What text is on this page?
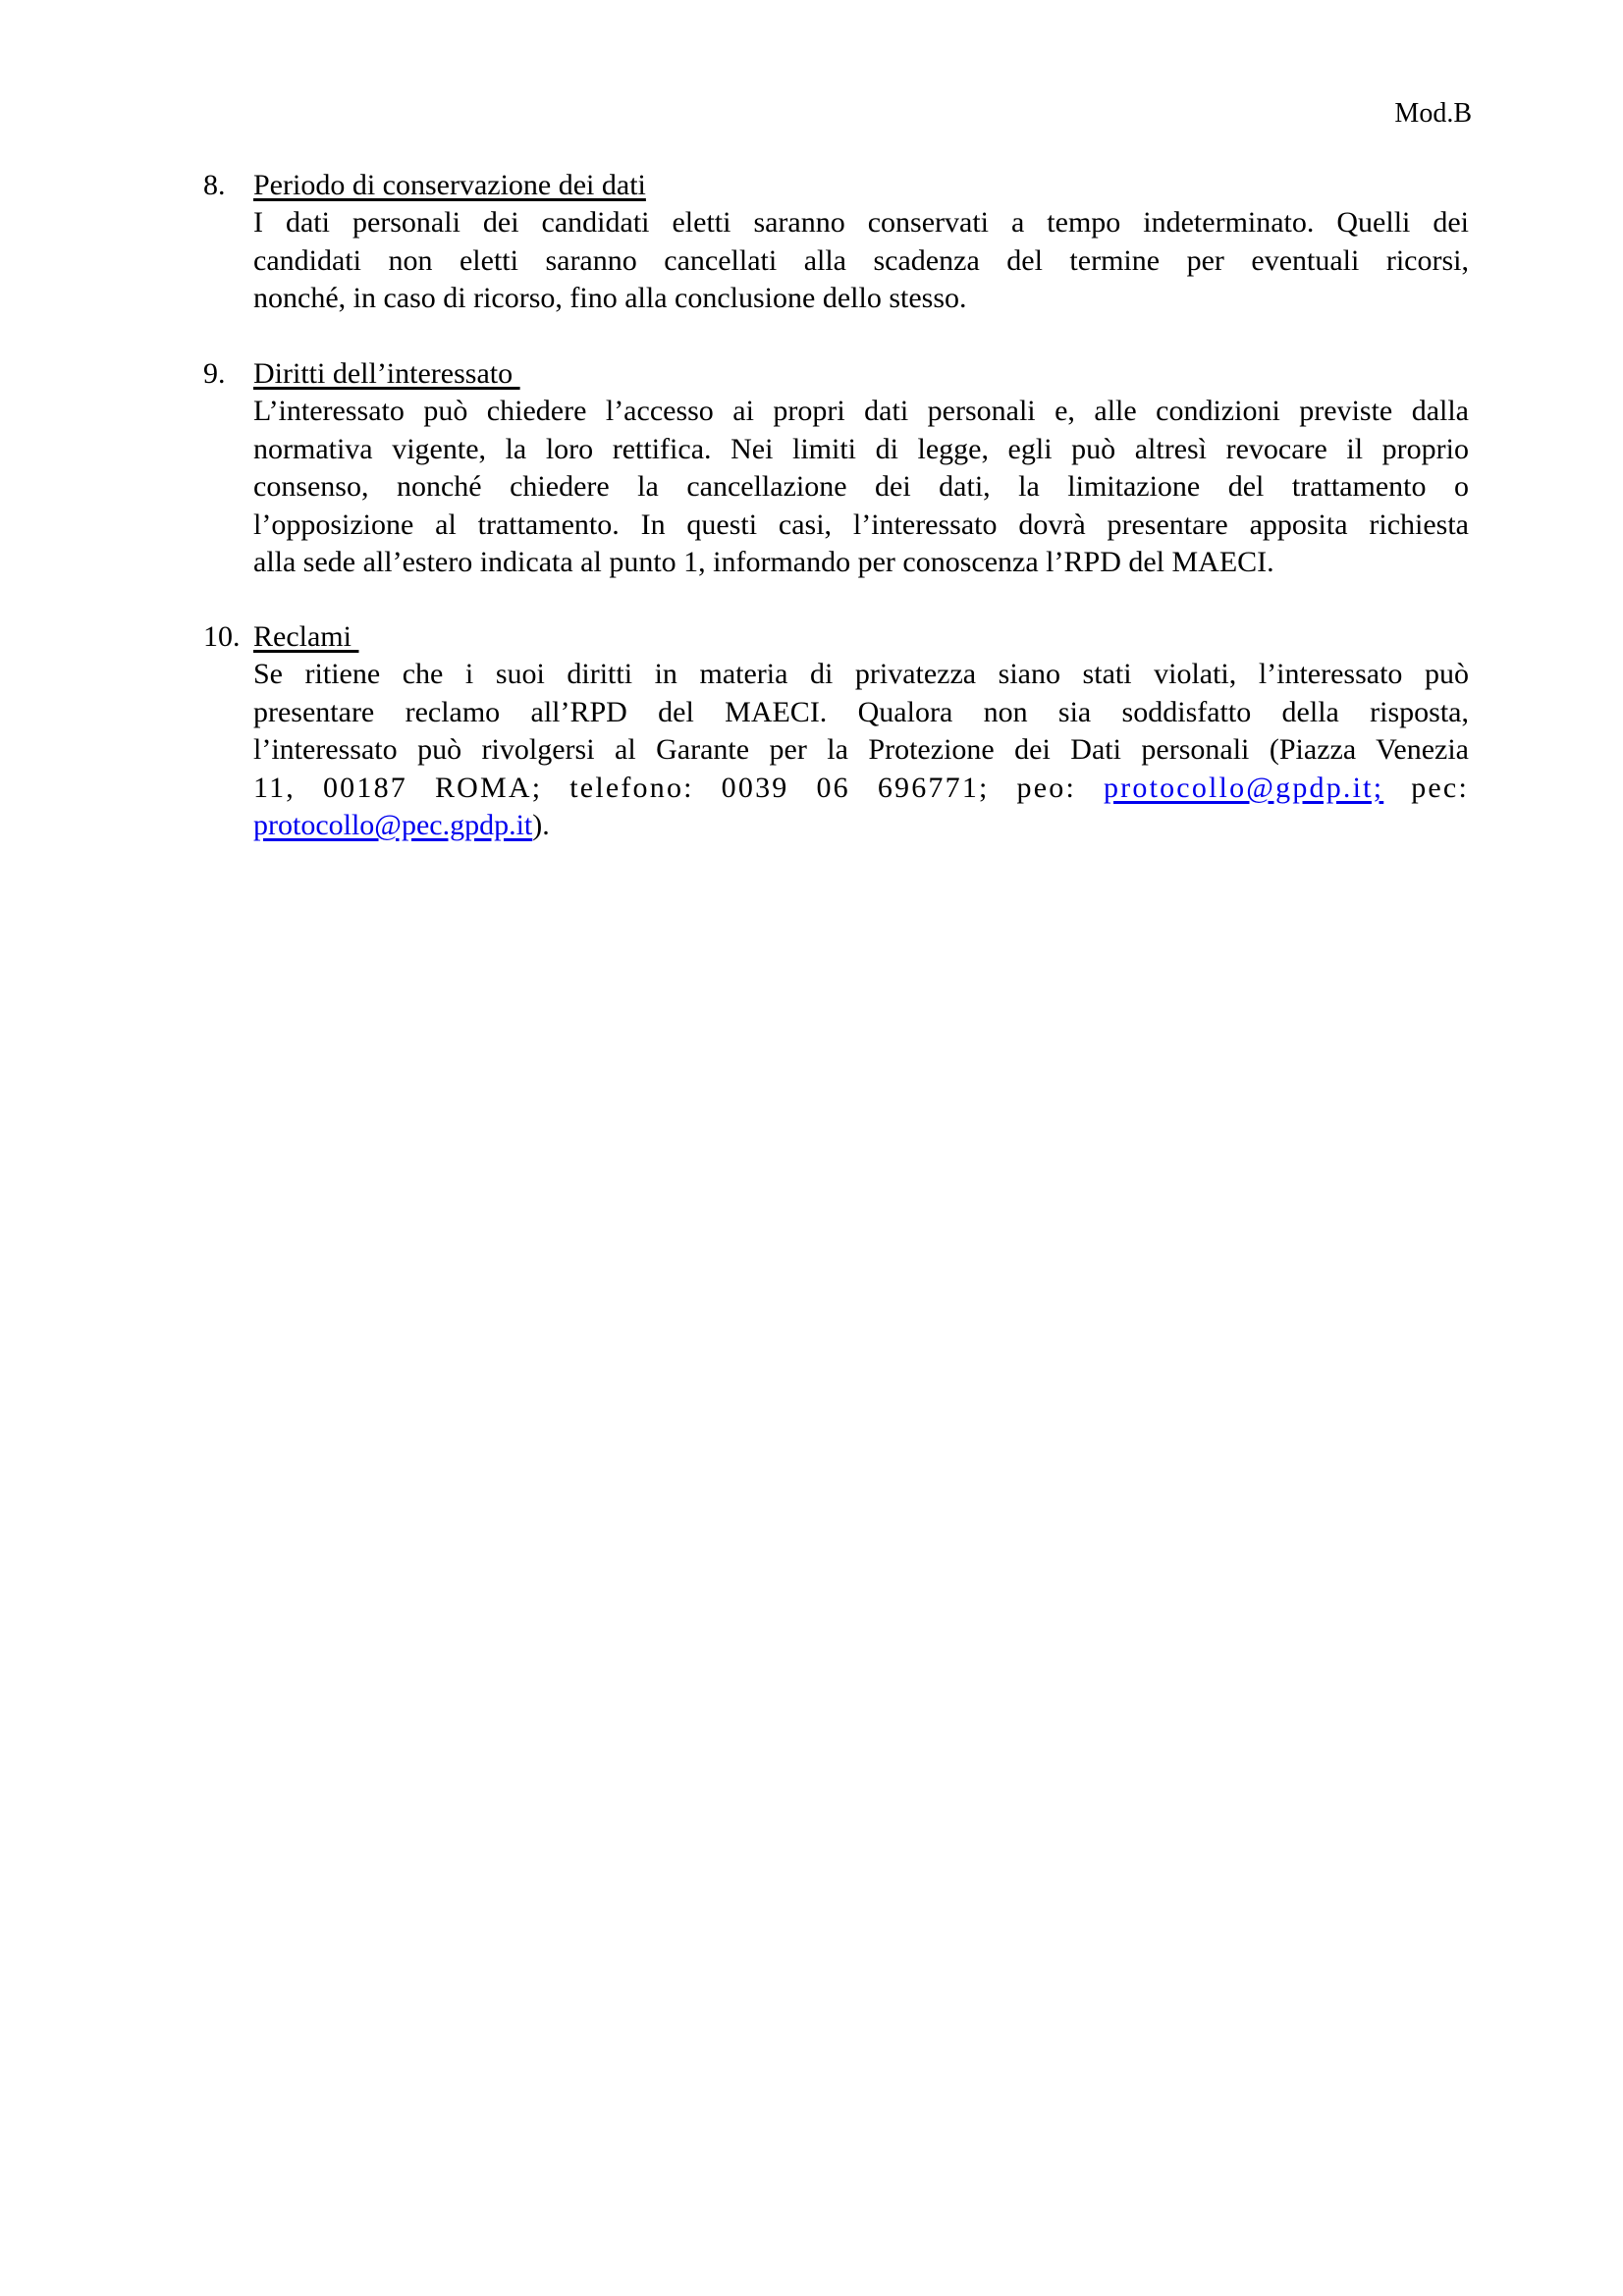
Mod.B
8. Periodo di conservazione dei dati
I dati personali dei candidati eletti saranno conservati a tempo indeterminato. Quelli dei
candidati non eletti saranno cancellati alla scadenza del termine per eventuali ricorsi,
nonché, in caso di ricorso, fino alla conclusione dello stesso.
9. Diritti dell’interessato
L’interessato può chiedere l’accesso ai propri dati personali e, alle condizioni previste dalla
normativa vigente, la loro rettifica. Nei limiti di legge, egli può altresì revocare il proprio
consenso, nonché chiedere la cancellazione dei dati, la limitazione del trattamento o
l’opposizione al trattamento. In questi casi, l’interessato dovrà presentare apposita richiesta
alla sede all’estero indicata al punto 1, informando per conoscenza l’RPD del MAECI.
10. Reclami
Se ritiene che i suoi diritti in materia di privatezza siano stati violati, l’interessato può
presentare reclamo all’RPD del MAECI. Qualora non sia soddisfatto della risposta,
l’interessato può rivolgersi al Garante per la Protezione dei Dati personali (Piazza Venezia
11, 00187 ROMA; telefono: 0039 06 696771; peo: protocollo@gpdp.it; pec:
protocollo@pec.gpdp.it).
